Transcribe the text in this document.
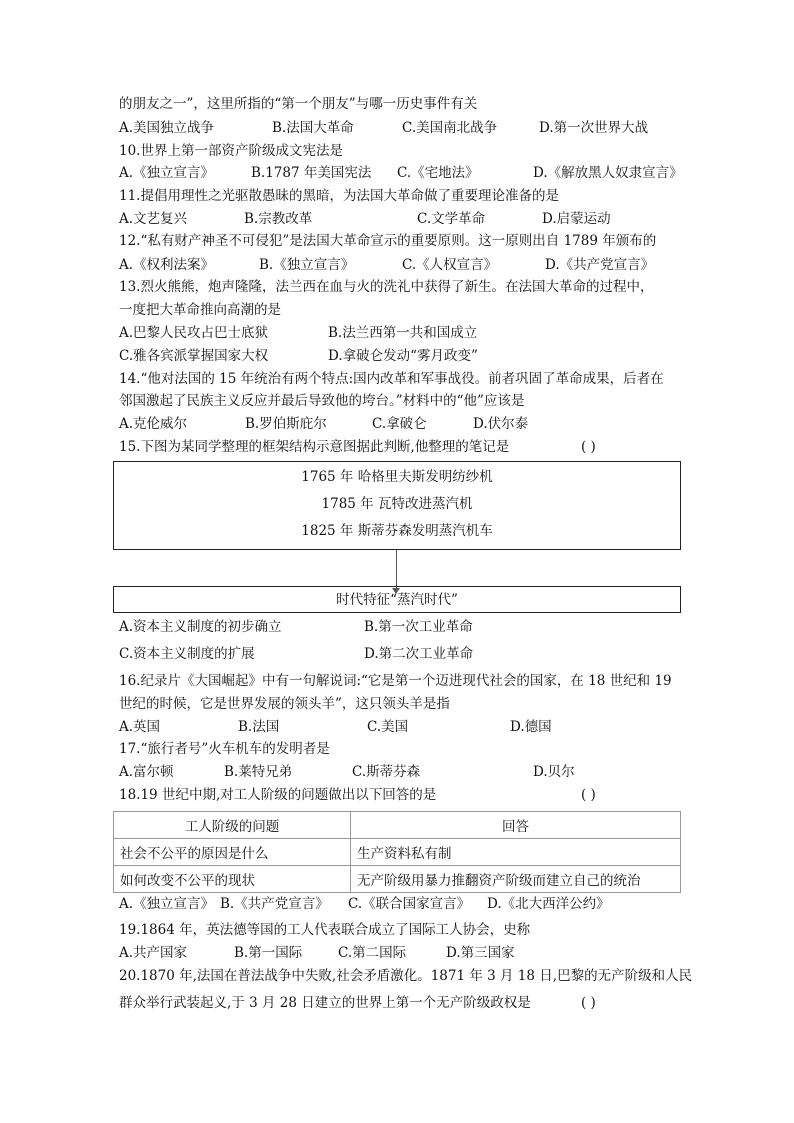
的朋友之一”，这里所指的“第一个朋友”与哪一历史事件有关
A.美国独立战争	B.法国大革命	C.美国南北战争	D.第一次世界大战
10.世界上第一部资产阶级成文宪法是
A.《独立宣言》	B.1787 年美国宪法 C.《宅地法》	D.《解放黑人奴隶宣言》
11.提倡用理性之光驱散愚昧的黑暗，为法国大革命做了重要理论准备的是
A.文艺复兴	B.宗教改革	C.文学革命	D.启蒙运动
12.“私有财产神圣不可侵犯”是法国大革命宣示的重要原则。这一原则出自 1789 年颁布的
A.《权利法案》	B.《独立宣言》	C.《人权宣言》	D.《共产党宣言》
13.烈火熊熊，炮声隆隆，法兰西在血与火的洗礼中获得了新生。在法国大革命的过程中，
一度把大革命推向高潮的是
A.巴黎人民攻占巴士底狱	B.法兰西第一共和国成立
C.雅各宾派掌握国家大权	D.拿破仑发动“雾月政变”
14.“他对法国的 15 年统治有两个特点:国内改革和军事战役。前者巩固了革命成果，后者在
邻国激起了民族主义反应并最后导致他的垮台。”材料中的“他”应该是
A.克伦威尔	B.罗伯斯庇尔	C.拿破仑	D.伏尔泰
15.下图为某同学整理的框架结构示意图据此判断,他整理的笔记是	( )
1765 年 哈格里夫斯发明纺纱机
1785 年 瓦特改进蒸汽机
1825 年 斯蒂芬森发明蒸汽机车
时代特征“蒸汽时代”
A.资本主义制度的初步确立	B.第一次工业革命
C.资本主义制度的扩展	D.第二次工业革命
16.纪录片《大国崛起》中有一句解说词:“它是第一个迈进现代社会的国家，在 18 世纪和 19
世纪的时候，它是世界发展的领头羊”，这只领头羊是指
A.英国	B.法国	C.美国	D.德国
17.“旅行者号”火车机车的发明者是
A.富尔顿	B.莱特兄弟	C.斯蒂芬森	D.贝尔
18.19 世纪中期,对工人阶级的问题做出以下回答的是	( )
工人阶级的问题	回答
社会不公平的原因是什么	生产资料私有制
如何改变不公平的现状	无产阶级用暴力推翻资产阶级而建立自己的统治
A.《独立宣言》 B.《共产党宣言》 C.《联合国家宣言》 D.《北大西洋公约》
19.1864 年，英法德等国的工人代表联合成立了国际工人协会，史称
A.共产国家	B.第一国际	C.第二国际	D.第三国家
20.1870 年,法国在普法战争中失败,社会矛盾激化。1871 年 3 月 18 日,巴黎的无产阶级和人民
群众举行武装起义,于 3 月 28 日建立的世界上第一个无产阶级政权是	( )
